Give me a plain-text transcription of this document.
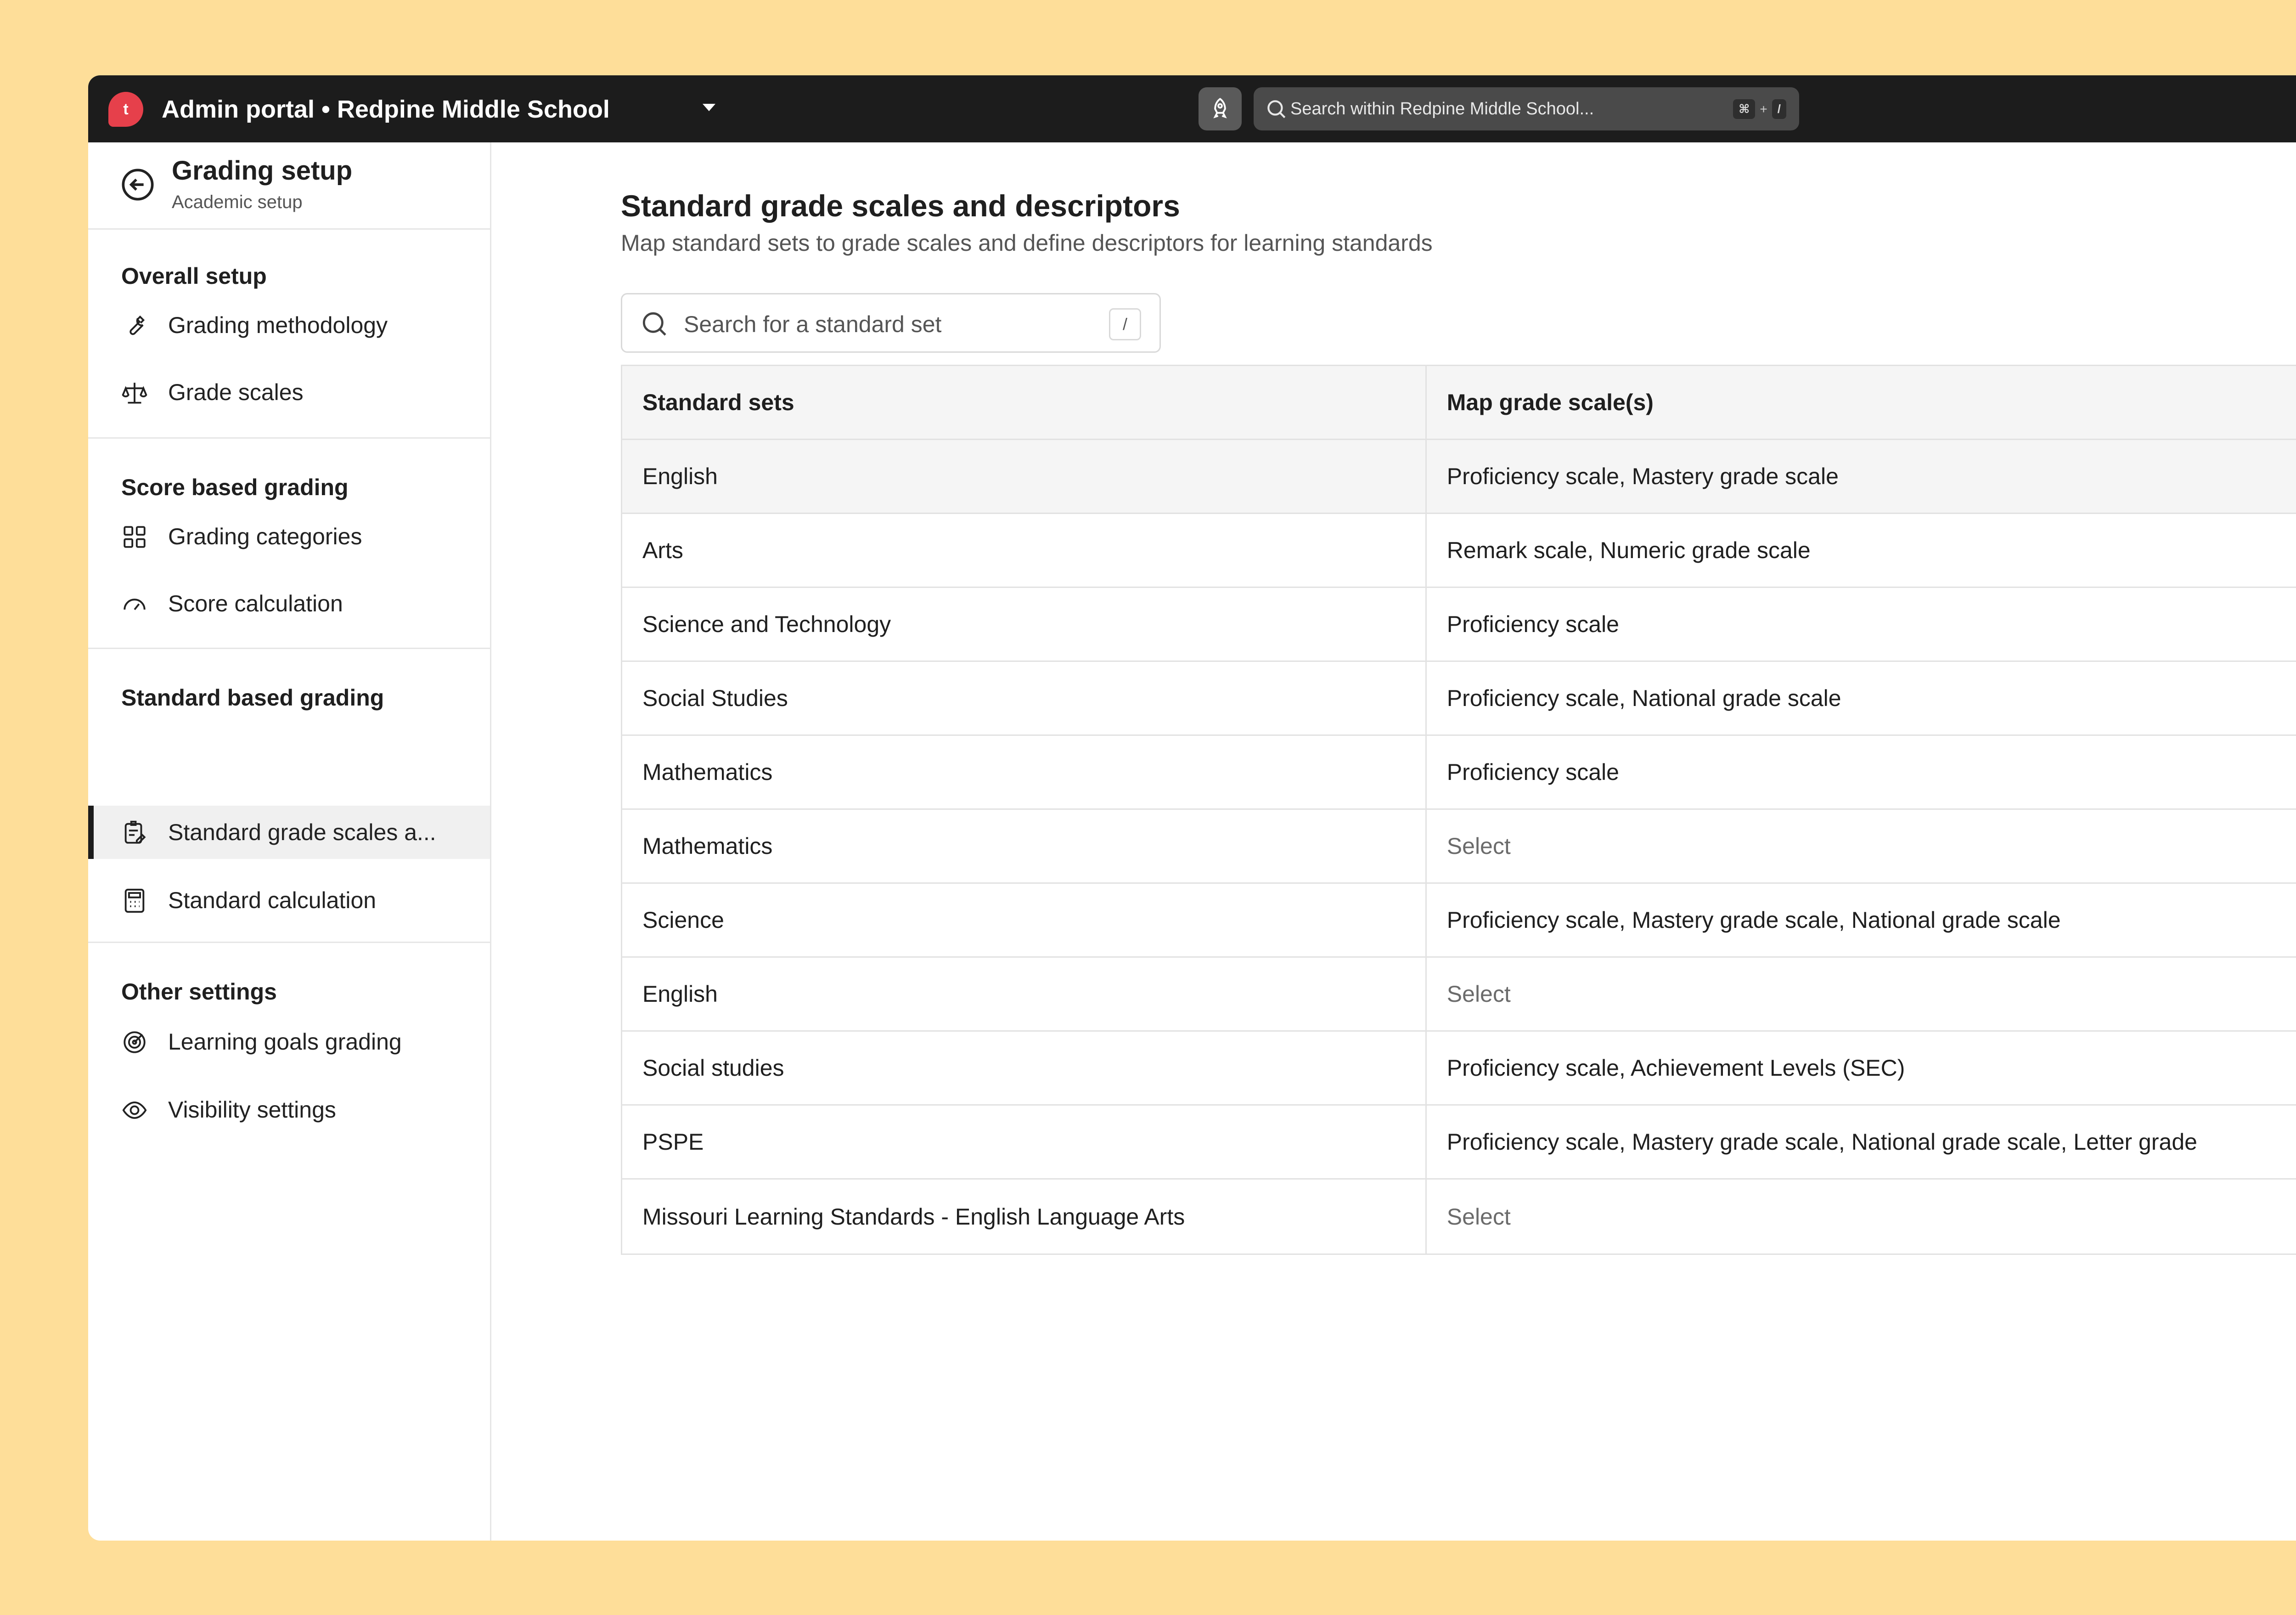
t	Admin portal • Redpine Middle School	Search within Redpine Middle School...	⌘ + /
Grading setup
Academic setup
Overall setup
Grading methodology
Grade scales
Score based grading
Grading categories
Score calculation
Standard based grading
Standard grade scales a...
Standard calculation
Other settings
Learning goals grading
Visibility settings
Standard grade scales and descriptors
Map standard sets to grade scales and define descriptors for learning standards
Search for a standard set	/
Standard sets	Map grade scale(s)
English	Proficiency scale, Mastery grade scale
Arts	Remark scale, Numeric grade scale
Science and Technology	Proficiency scale
Social Studies	Proficiency scale, National grade scale
Mathematics	Proficiency scale
Mathematics	Select
Science	Proficiency scale, Mastery grade scale, National grade scale
English	Select
Social studies	Proficiency scale, Achievement Levels (SEC)
PSPE	Proficiency scale, Mastery grade scale, National grade scale, Letter grade
Missouri Learning Standards - English Language Arts	Select
